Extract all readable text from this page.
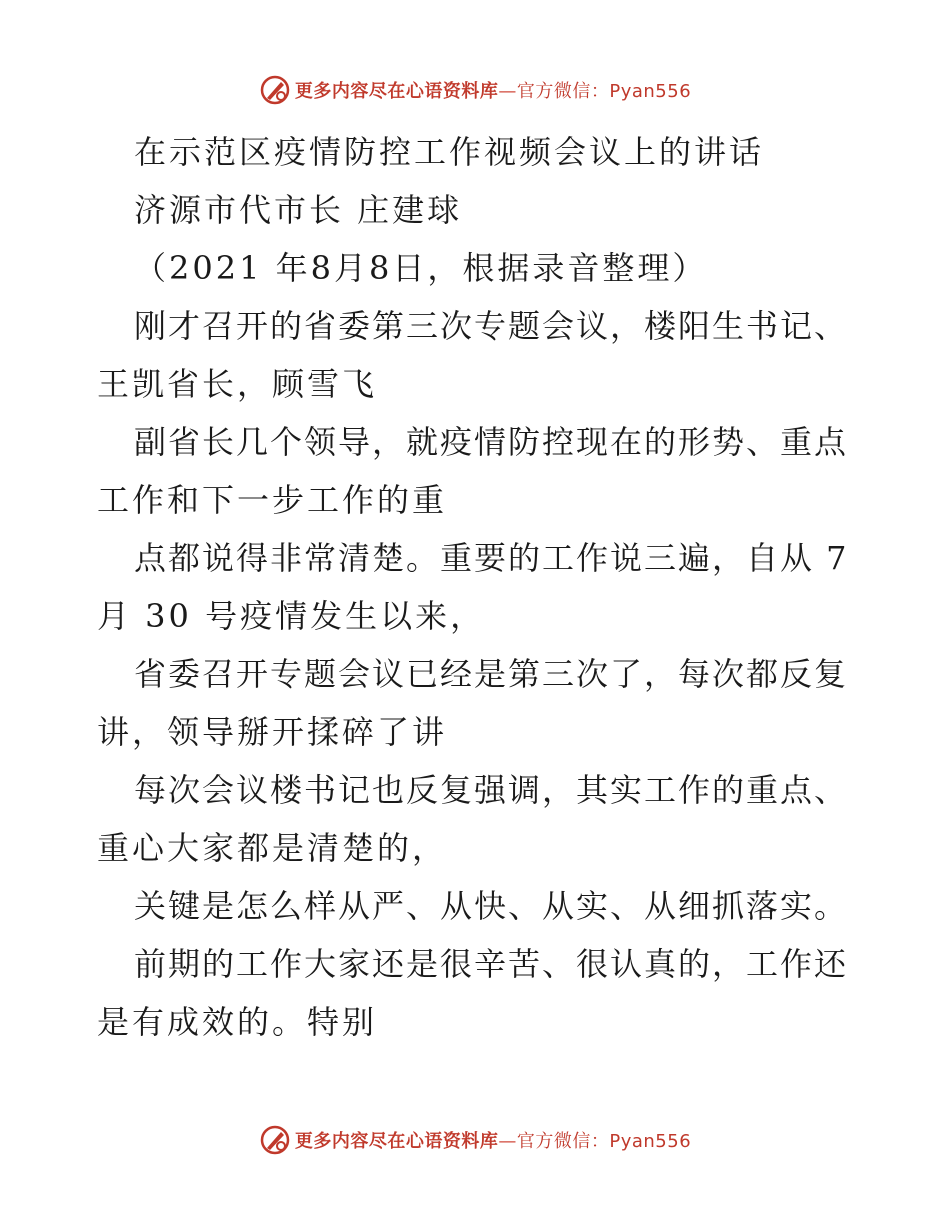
更多内容尽在心语资料库—官方微信：Pyan556
在示范区疫情防控工作视频会议上的讲话
济源市代市长 庄建球
（2021 年8月8日，根据录音整理）
刚才召开的省委第三次专题会议，楼阳生书记、
王凯省长，顾雪飞
副省长几个领导，就疫情防控现在的形势、重点
工作和下一步工作的重
点都说得非常清楚。重要的工作说三遍，自从 7
月 30 号疫情发生以来，
省委召开专题会议已经是第三次了，每次都反复
讲，领导掰开揉碎了讲
每次会议楼书记也反复强调，其实工作的重点、
重心大家都是清楚的，
关键是怎么样从严、从快、从实、从细抓落实。
前期的工作大家还是很辛苦、很认真的，工作还
是有成效的。特别
更多内容尽在心语资料库—官方微信：Pyan556
